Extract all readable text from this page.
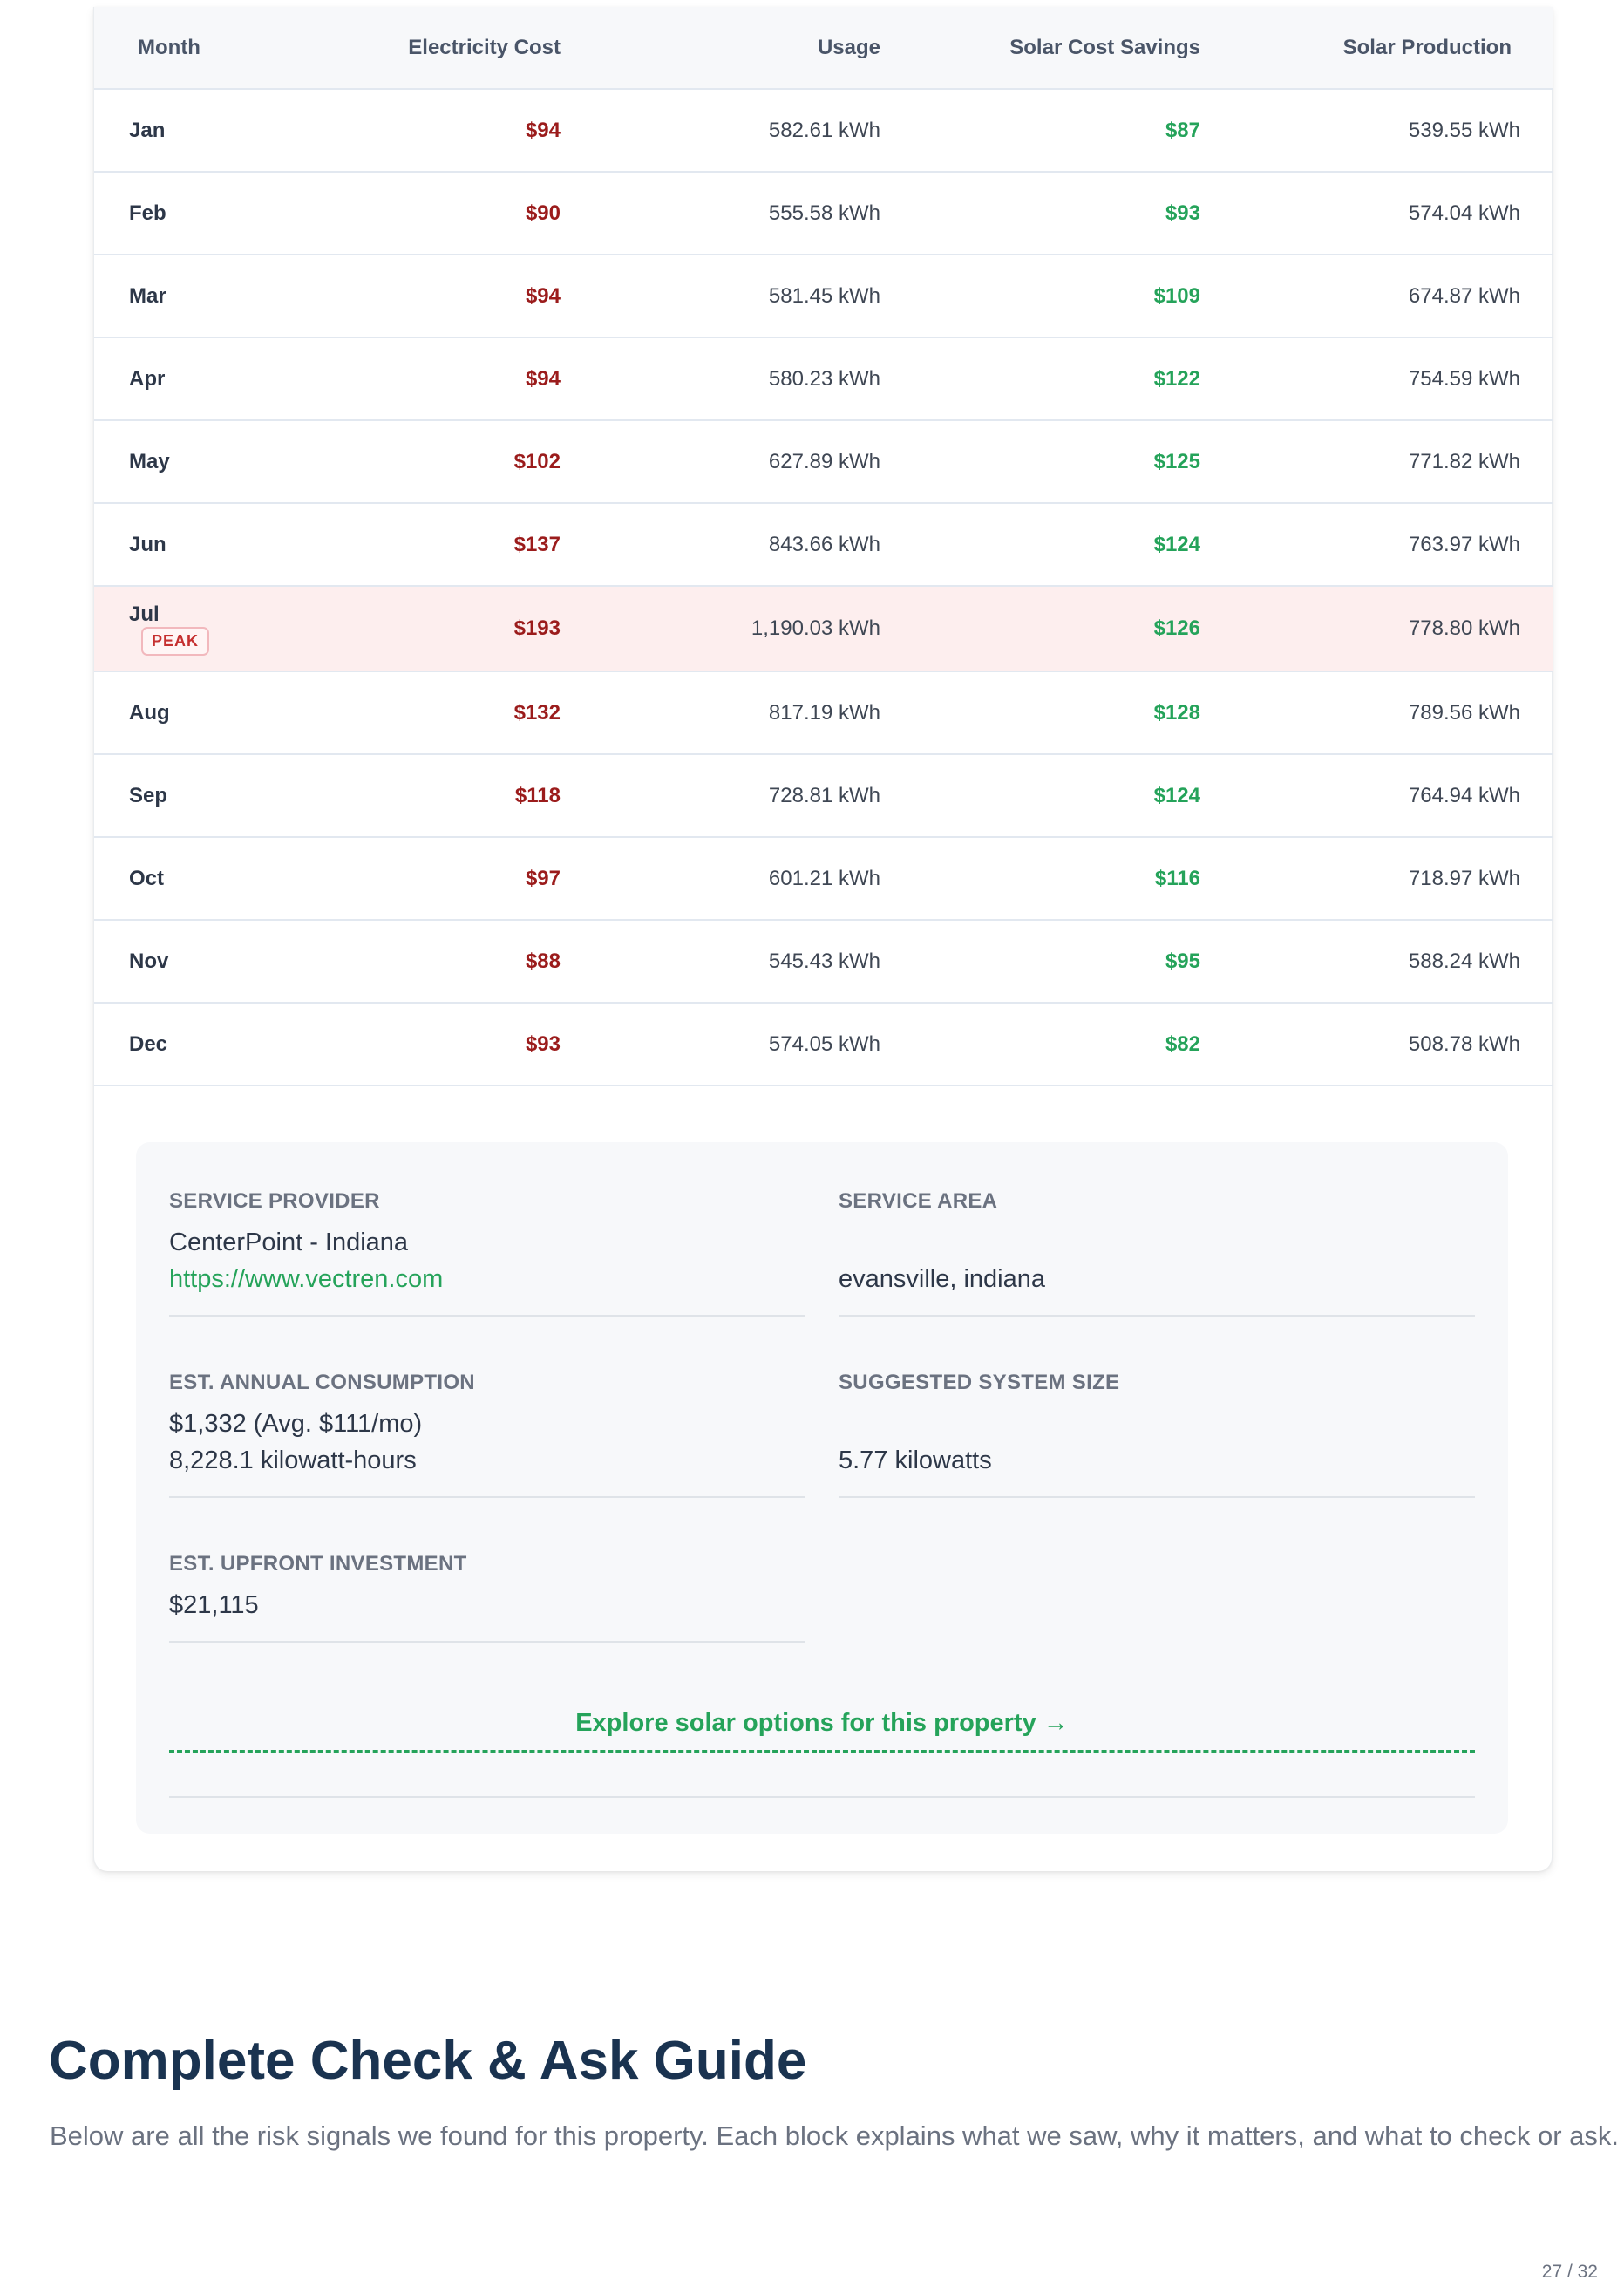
Month	Electricity Cost	Usage	Solar Cost Savings	Solar Production
Jan	$94	582.61 kWh	$87	539.55 kWh
Feb	$90	555.58 kWh	$93	574.04 kWh
Mar	$94	581.45 kWh	$109	674.87 kWh
Apr	$94	580.23 kWh	$122	754.59 kWh
May	$102	627.89 kWh	$125	771.82 kWh
Jun	$137	843.66 kWh	$124	763.97 kWh
JulPEAK	$193	1,190.03 kWh	$126	778.80 kWh
Aug	$132	817.19 kWh	$128	789.56 kWh
Sep	$118	728.81 kWh	$124	764.94 kWh
Oct	$97	601.21 kWh	$116	718.97 kWh
Nov	$88	545.43 kWh	$95	588.24 kWh
Dec	$93	574.05 kWh	$82	508.78 kWh
SERVICE PROVIDER
CenterPoint - Indiana
https://www.vectren.com
SERVICE AREA
evansville, indiana
EST. ANNUAL CONSUMPTION
$1,332 (Avg. $111/mo)
8,228.1 kilowatt-hours
SUGGESTED SYSTEM SIZE
5.77 kilowatts
EST. UPFRONT INVESTMENT
$21,115
Explore solar options for this property →
Complete Check & Ask Guide

Below are all the risk signals we found for this property. Each block explains what we saw, why it matters, and what to check or ask.

27 / 32
